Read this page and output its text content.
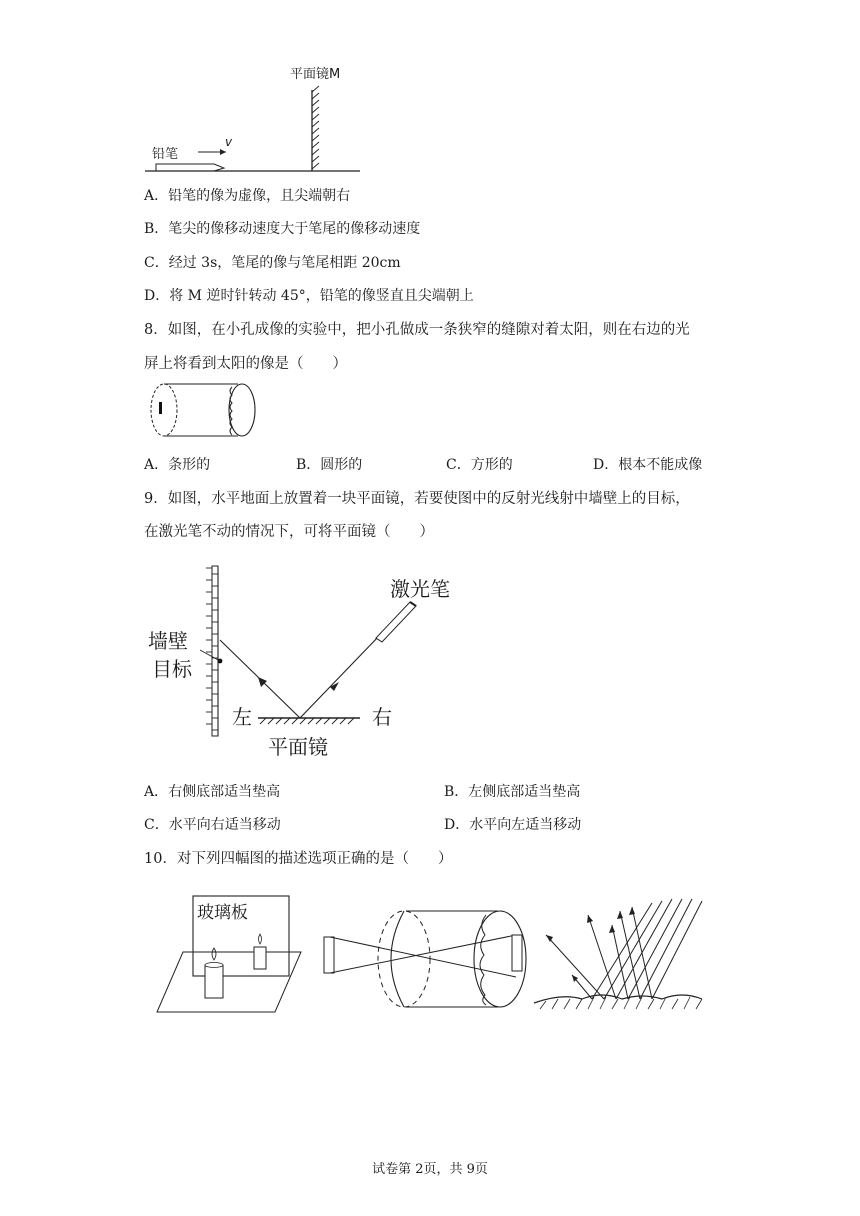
平面镜M
铅笔
v
A．铅笔的像为虚像，且尖端朝右
B．笔尖的像移动速度大于笔尾的像移动速度
C．经过 3s，笔尾的像与笔尾相距 20cm
D．将 M 逆时针转动 45°，铅笔的像竖直且尖端朝上
8．如图，在小孔成像的实验中，把小孔做成一条狭窄的缝隙对着太阳，则在右边的光
屏上将看到太阳的像是（　　）
A．条形的	B．圆形的	C．方形的	D．根本不能成像
9．如图，水平地面上放置着一块平面镜，若要使图中的反射光线射中墙壁上的目标，
在激光笔不动的情况下，可将平面镜（　　）
墙壁
目标
左	右
平面镜
激光笔
A．右侧底部适当垫高	B．左侧底部适当垫高
C．水平向右适当移动	D．水平向左适当移动
10．对下列四幅图的描述选项正确的是（　　）
玻璃板
试卷第 2页，共 9页
